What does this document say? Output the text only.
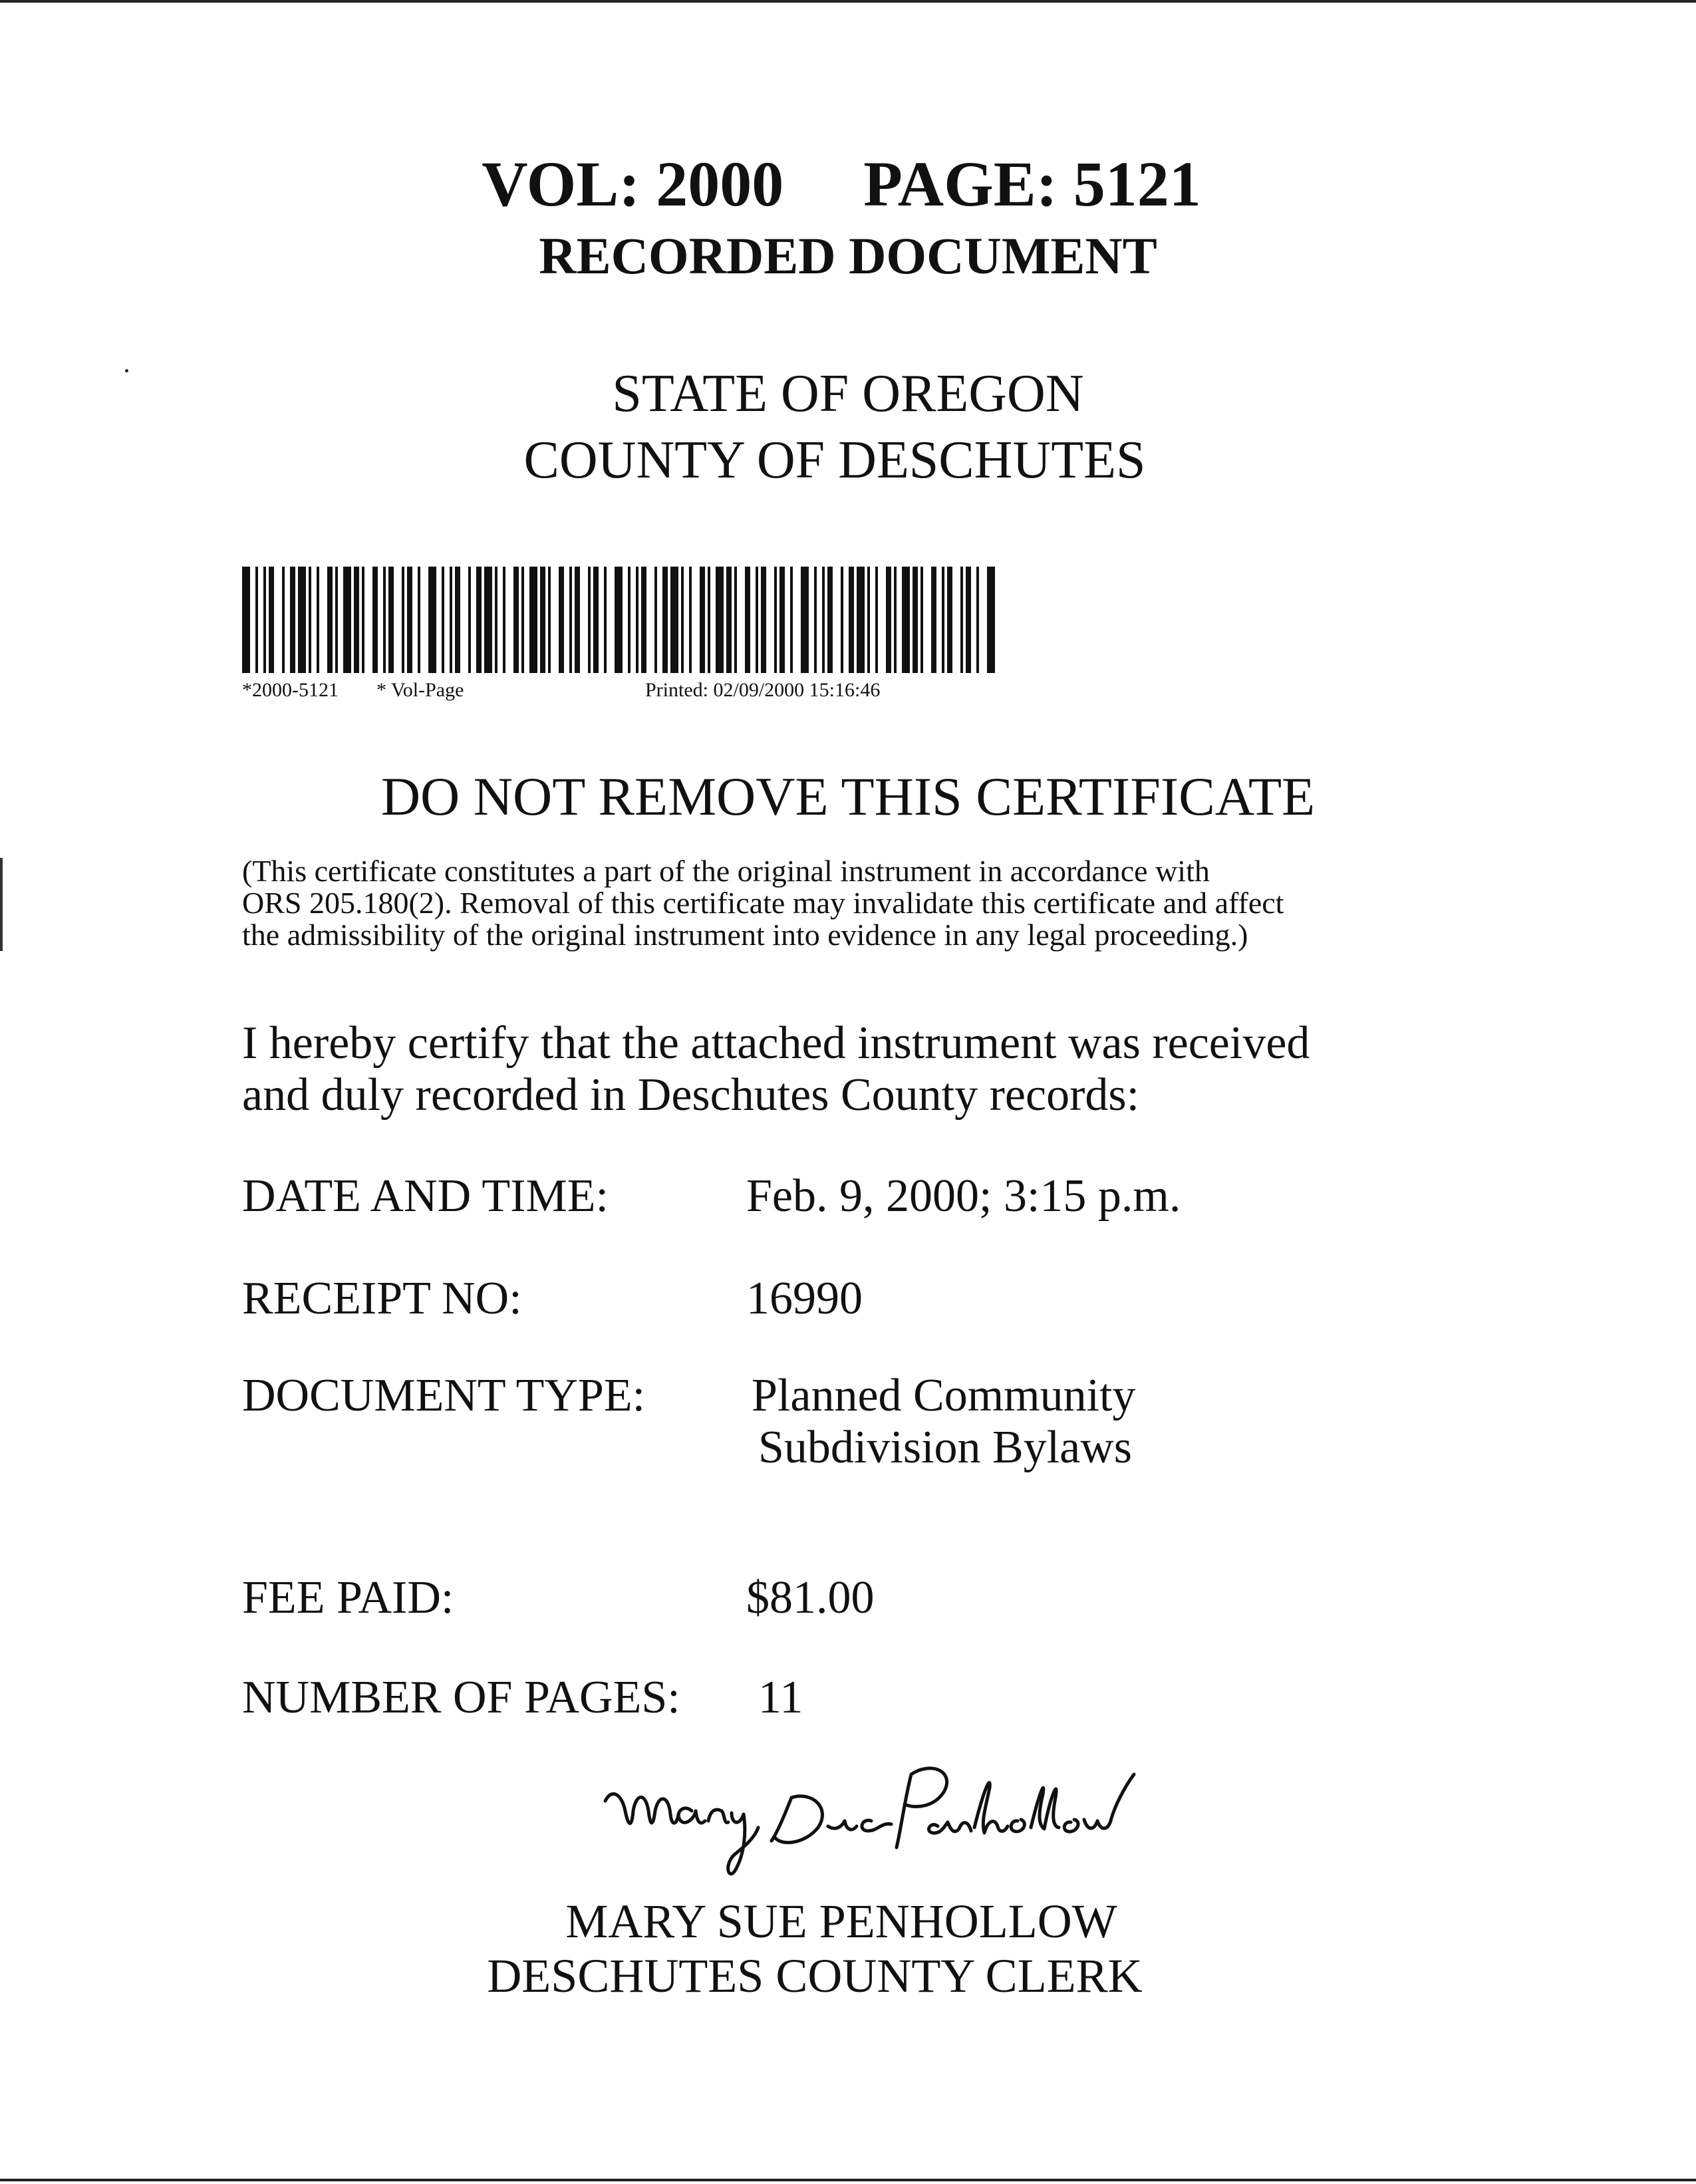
VOL: 2000 PAGE: 5121
RECORDED DOCUMENT
STATE OF OREGON
COUNTY OF DESCHUTES
*2000-5121 * Vol-Page	Printed: 02/09/2000 15:16:46
DO NOT REMOVE THIS CERTIFICATE
(This certificate constitutes a part of the original instrument in accordance with
ORS 205.180(2). Removal of this certificate may invalidate this certificate and affect
the admissibility of the original instrument into evidence in any legal proceeding.)
I hereby certify that the attached instrument was received
and duly recorded in Deschutes County records:
DATE AND TIME:	Feb. 9, 2000; 3:15 p.m.
RECEIPT NO:	16990
DOCUMENT TYPE: Planned Community
Subdivision Bylaws
FEE PAID:	$81.00
NUMBER OF PAGES: 11
MARY SUE PENHOLLOW
DESCHUTES COUNTY CLERK
